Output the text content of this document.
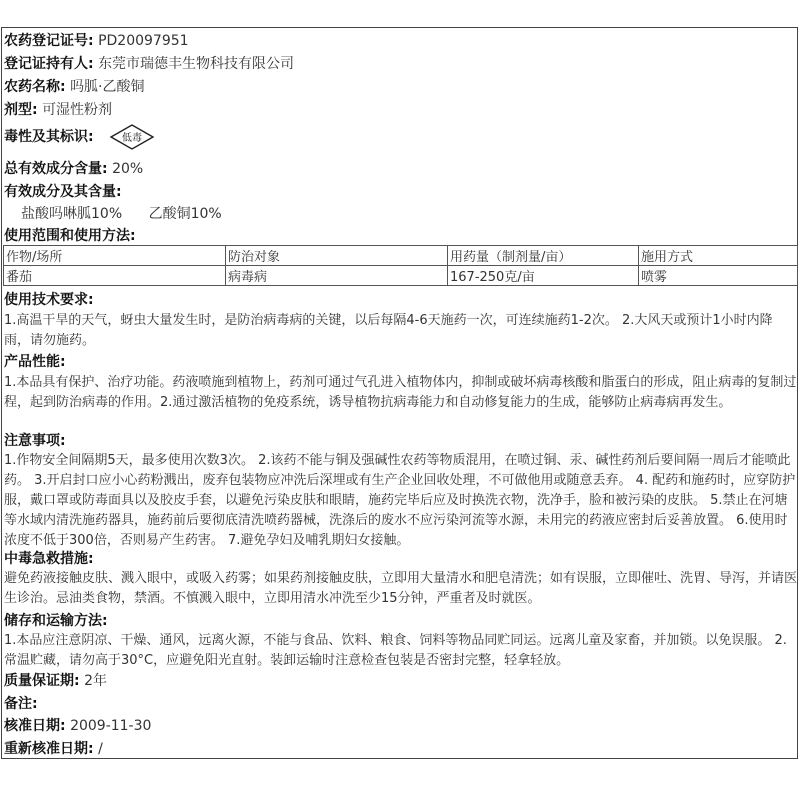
农药登记证号: PD20097951
登记证持有人: 东莞市瑞德丰生物科技有限公司
农药名称: 吗胍·乙酸铜
剂型: 可湿性粉剂
毒性及其标识:	低毒
总有效成分含量: 20%
有效成分及其含量:
盐酸吗啉胍10% 乙酸铜10%
使用范围和使用方法:
作物/场所	防治对象	用药量（制剂量/亩）	施用方式
番茄	病毒病	167-250克/亩	喷雾
使用技术要求:
1.高温干旱的天气，蚜虫大量发生时，是防治病毒病的关键，以后每隔4-6天施药一次，可连续施药1-2次。 2.大风天或预计1小时内降雨，请勿施药。
产品性能:
1.本品具有保护、治疗功能。药液喷施到植物上，药剂可通过气孔进入植物体内，抑制或破坏病毒核酸和脂蛋白的形成，阻止病毒的复制过程，起到防治病毒的作用。2.通过激活植物的免疫系统，诱导植物抗病毒能力和自动修复能力的生成，能够防止病毒病再发生。
注意事项:
1.作物安全间隔期5天，最多使用次数3次。 2.该药不能与铜及强碱性农药等物质混用，在喷过铜、汞、碱性药剂后要间隔一周后才能喷此药。 3.开启封口应小心药粉溅出，废弃包装物应冲洗后深埋或有生产企业回收处理，不可做他用或随意丢弃。 4. 配药和施药时，应穿防护服，戴口罩或防毒面具以及胶皮手套，以避免污染皮肤和眼睛，施药完毕后应及时换洗衣物，洗净手，脸和被污染的皮肤。 5.禁止在河塘等水域内清洗施药器具，施药前后要彻底清洗喷药器械，洗涤后的废水不应污染河流等水源，未用完的药液应密封后妥善放置。 6.使用时浓度不低于300倍，否则易产生药害。 7.避免孕妇及哺乳期妇女接触。
中毒急救措施:
避免药液接触皮肤、溅入眼中，或吸入药雾；如果药剂接触皮肤，立即用大量清水和肥皂清洗；如有误服，立即催吐、洗胃、导泻，并请医生诊治。忌油类食物，禁酒。不慎溅入眼中，立即用清水冲洗至少15分钟，严重者及时就医。
储存和运输方法:
1.本品应注意阴凉、干燥、通风，远离火源，不能与食品、饮料、粮食、饲料等物品同贮同运。远离儿童及家畜，并加锁。以免误服。 2.常温贮藏，请勿高于30°C，应避免阳光直射。装卸运输时注意检查包装是否密封完整，轻拿轻放。
质量保证期: 2年
备注:
核准日期: 2009-11-30
重新核准日期: /
